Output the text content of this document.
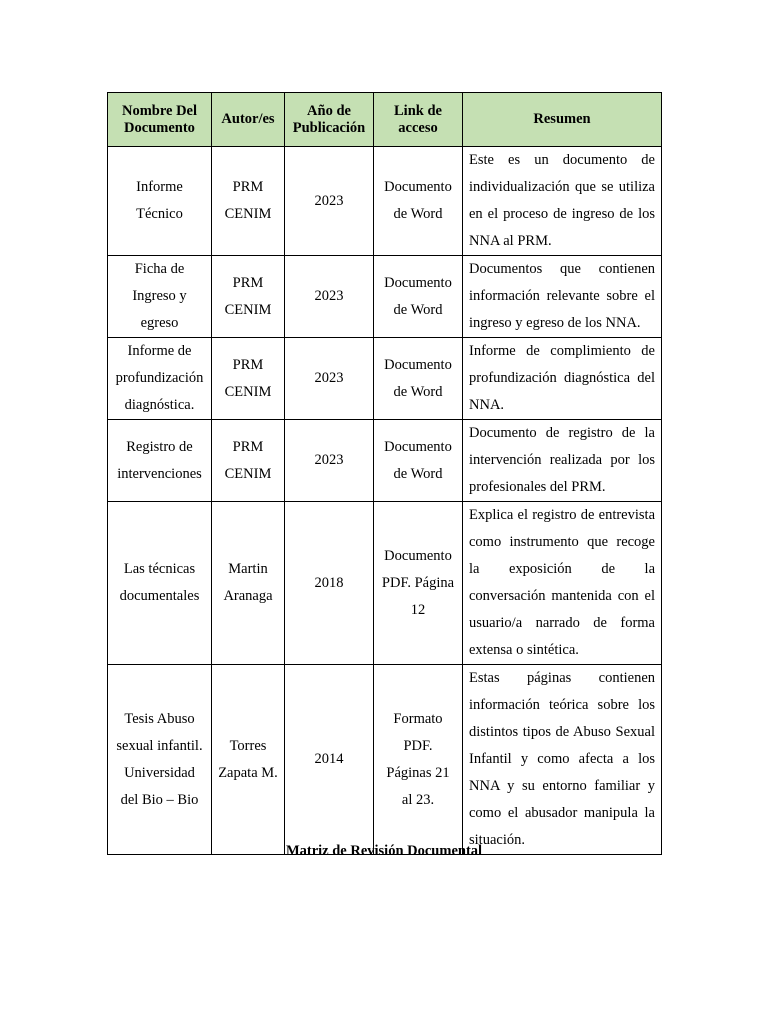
Nombre Del Documento	Autor/es	Año de Publicación	Link de acceso	Resumen
Informe Técnico	PRM CENIM	2023	Documento de Word	Este es un documento de individualización que se utiliza en el proceso de ingreso de los NNA al PRM.
Ficha de Ingreso y egreso	PRM CENIM	2023	Documento de Word	Documentos que contienen información relevante sobre el ingreso y egreso de los NNA.
Informe de profundización diagnóstica.	PRM CENIM	2023	Documento de Word	Informe de complimiento de profundización diagnóstica del NNA.
Registro de intervenciones	PRM CENIM	2023	Documento de Word	Documento de registro de la intervención realizada por los profesionales del PRM.
Las técnicas documentales	Martin Aranaga	2018	Documento PDF. Página 12	Explica el registro de entrevista como instrumento que recoge la exposición de la conversación mantenida con el usuario/a narrado de forma extensa o sintética.
Tesis Abuso sexual infantil. Universidad del Bio – Bio	Torres Zapata M.	2014	Formato PDF. Páginas 21 al 23.	Estas páginas contienen información teórica sobre los distintos tipos de Abuso Sexual Infantil y como afecta a los NNA y su entorno familiar y como el abusador manipula la situación.
Matriz de Revisión Documental
